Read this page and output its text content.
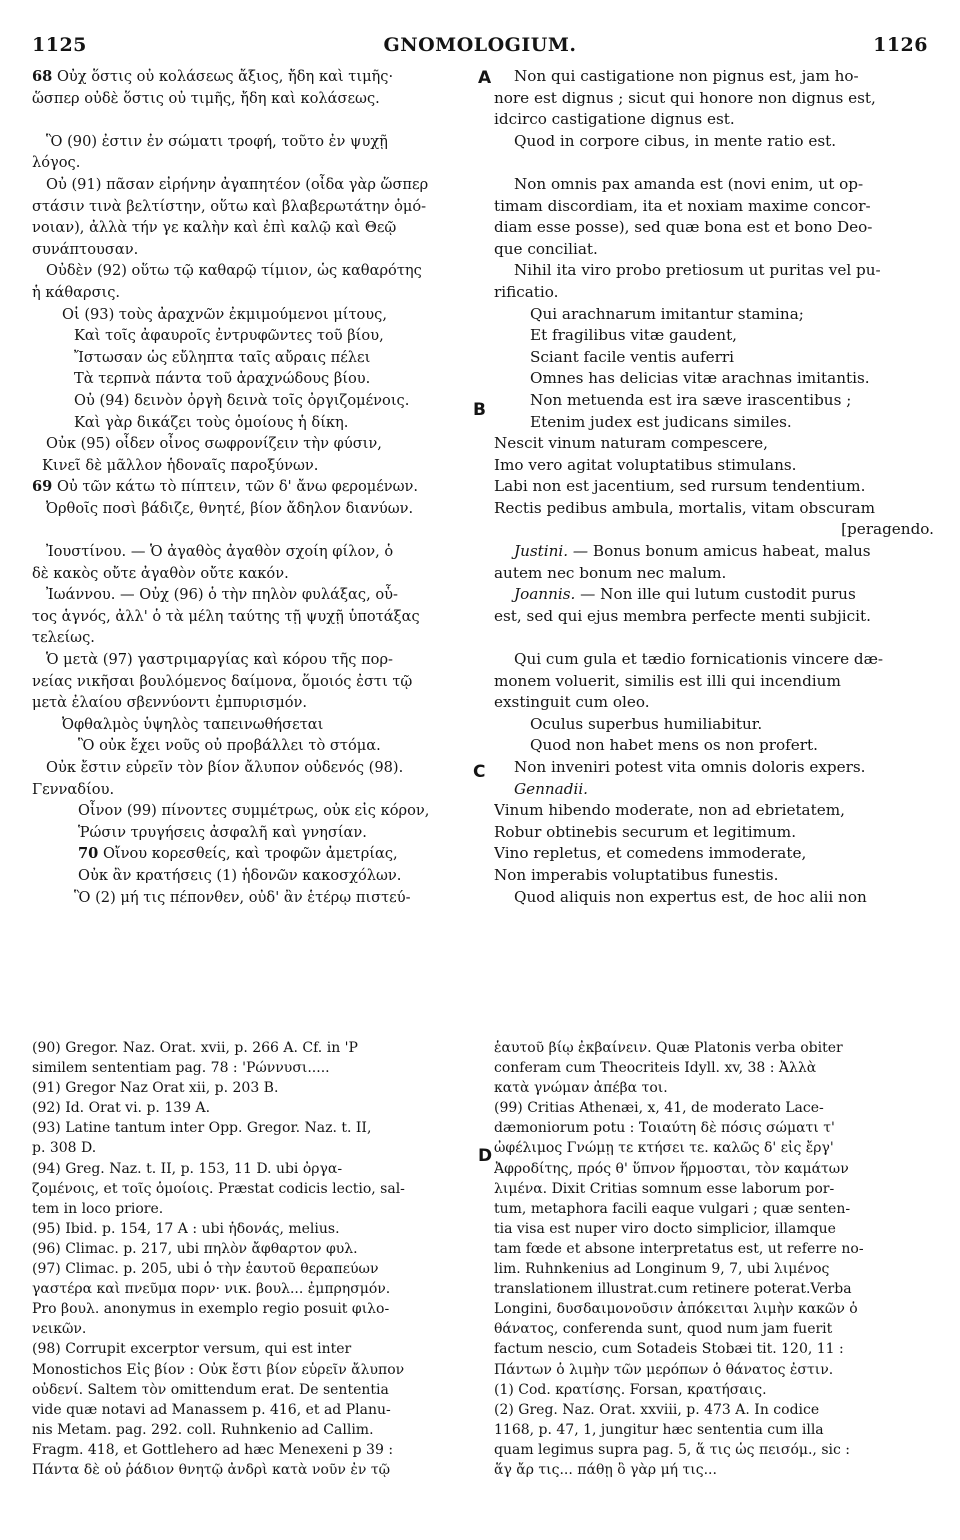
1125	GNOMOLOGIUM.	1126
A
B
C
D
68 Οὐχ ὅστις οὐ κολάσεως ἄξιος, ἤδη καὶ τιμῆς·
ὥσπερ οὐδὲ ὅστις οὐ τιμῆς, ἤδη καὶ κολάσεως.

Ὃ (90) ἐστιν ἐν σώματι τροφή, τοῦτο ἐν ψυχῇ
λόγος.
Οὐ (91) πᾶσαν εἰρήνην ἀγαπητέον (οἶδα γὰρ ὥσπερ
στάσιν τινὰ βελτίστην, οὕτω καὶ βλαβερωτάτην ὁμό-
νοιαν), ἀλλὰ τήν γε καλὴν καὶ ἐπὶ καλῷ καὶ Θεῷ
συνάπτουσαν.
Οὐδὲν (92) οὕτω τῷ καθαρῷ τίμιον, ὡς καθαρότης
ἡ κάθαρσις.
Οἱ (93) τοὺς ἀραχνῶν ἐκμιμούμενοι μίτους,
Καὶ τοῖς ἀφαυροῖς ἐντρυφῶντες τοῦ βίου,
Ἴστωσαν ὡς εὔληπτα ταῖς αὔραις πέλει
Τὰ τερπνὰ πάντα τοῦ ἀραχνώδους βίου.
Οὐ (94) δεινὸν ὀργὴ δεινὰ τοῖς ὀργιζομένοις.
Καὶ γὰρ δικάζει τοὺς ὁμοίους ἡ δίκη.
Οὐκ (95) οἶδεν οἶνος σωφρονίζειν τὴν φύσιν,
Κινεῖ δὲ μᾶλλον ἡδοναῖς παροξύνων.
69 Οὐ τῶν κάτω τὸ πίπτειν, τῶν δ' ἄνω φερομένων.
Ὀρθοῖς ποσὶ βάδιζε, θνητέ, βίον ἄδηλον διανύων.

Ἰουστίνου. — Ὁ ἀγαθὸς ἀγαθὸν σχοίη φίλον, ὁ
δὲ κακὸς οὔτε ἀγαθὸν οὔτε κακόν.
Ἰωάννου. — Οὐχ (96) ὁ τὴν πηλὸν φυλάξας, οὗ-
τος ἁγνός, ἀλλ' ὁ τὰ μέλη ταύτης τῇ ψυχῇ ὑποτάξας
τελείως.
Ὁ μετὰ (97) γαστριμαργίας καὶ κόρου τῆς πορ-
νείας νικῆσαι βουλόμενος δαίμονα, ὅμοιός ἐστι τῷ
μετὰ ἐλαίου σβεννύοντι ἐμπυρισμόν.
Ὀφθαλμὸς ὑψηλὸς ταπεινωθήσεται
Ὃ οὐκ ἔχει νοῦς οὐ προβάλλει τὸ στόμα.
Οὐκ ἔστιν εὑρεῖν τὸν βίον ἄλυπον οὐδενός (98).
Γενναδίου.
Οἶνον (99) πίνοντες συμμέτρως, οὐκ εἰς κόρον,
Ῥώσιν τρυγήσεις ἀσφαλῆ καὶ γνησίαν.
70 Οἴνου κορεσθείς, καὶ τροφῶν ἀμετρίας,
Οὐκ ἂν κρατήσεις (1) ἡδονῶν κακοσχόλων.
Ὃ (2) μή τις πέπονθεν, οὐδ' ἂν ἑτέρῳ πιστεύ-
Non qui castigatione non pignus est, jam ho-
nore est dignus ; sicut qui honore non dignus est,
idcirco castigatione dignus est.
Quod in corpore cibus, in mente ratio est.

Non omnis pax amanda est (novi enim, ut op-
timam discordiam, ita et noxiam maxime concor-
diam esse posse), sed quæ bona est et bono Deo-
que conciliat.
Nihil ita viro probo pretiosum ut puritas vel pu-
rificatio.
Qui arachnarum imitantur stamina;
Et fragilibus vitæ gaudent,
Sciant facile ventis auferri
Omnes has delicias vitæ arachnas imitantis.
Non metuenda est ira sæve irascentibus ;
Etenim judex est judicans similes.
Nescit vinum naturam compescere,
Imo vero agitat voluptatibus stimulans.
Labi non est jacentium, sed rursum tendentium.
Rectis pedibus ambula, mortalis, vitam obscuram
[peragendo.
Justini. — Bonus bonum amicus habeat, malus
autem nec bonum nec malum.
Joannis. — Non ille qui lutum custodit purus
est, sed qui ejus membra perfecte menti subjicit.

Qui cum gula et tædio fornicationis vincere dæ-
monem voluerit, similis est illi qui incendium
exstinguit cum oleo.
Oculus superbus humiliabitur.
Quod non habet mens os non profert.
Non inveniri potest vita omnis doloris expers.
Gennadii.
Vinum hibendo moderate, non ad ebrietatem,
Robur obtinebis securum et legitimum.
Vino repletus, et comedens immoderate,
Non imperabis voluptatibus funestis.
Quod aliquis non expertus est, de hoc alii non
(90) Gregor. Naz. Orat. xvii, p. 266 A. Cf. in 'P
similem sententiam pag. 78 : 'Ρώννυσι.....
(91) Gregor Naz Orat xii, p. 203 B.
(92) Id. Orat vi. p. 139 A.
(93) Latine tantum inter Opp. Gregor. Naz. t. II,
p. 308 D.
(94) Greg. Naz. t. II, p. 153, 11 D. ubi ὀργα-
ζομένοις, et τοῖς ὁμοίοις. Præstat codicis lectio, sal-
tem in loco priore.
(95) Ibid. p. 154, 17 A : ubi ἡδονάς, melius.
(96) Climac. p. 217, ubi πηλὸν ἄφθαρτον φυλ.
(97) Climac. p. 205, ubi ὁ τὴν ἑαυτοῦ θεραπεύων
γαστέρα καὶ πνεῦμα πορν· νικ. βουλ... ἐμπρησμόν.
Pro βουλ. anonymus in exemplo regio posuit φιλο-
νεικῶν.
(98) Corrupit excerptor versum, qui est inter
Monostichos Εἰς βίον : Οὐκ ἔστι βίον εὑρεῖν ἄλυπον
οὐδενί. Saltem τὸν omittendum erat. De sententia
vide quæ notavi ad Manassem p. 416, et ad Planu-
nis Metam. pag. 292. coll. Ruhnkenio ad Callim.
Fragm. 418, et Gottlehero ad hæc Menexeni p 39 :
Πάντα δὲ οὐ ῥάδιον θνητῷ ἀνδρὶ κατὰ νοῦν ἐν τῷ
ἑαυτοῦ βίῳ ἐκβαίνειν. Quæ Platonis verba obiter
conferam cum Theocriteis Idyll. xv, 38 : Ἀλλὰ
κατὰ γνώμαν ἀπέβα τοι.
(99) Critias Athenæi, x, 41, de moderato Lace-
dæmoniorum potu : Τοιαύτη δὲ πόσις σώματι τ'
ὠφέλιμος Γνώμῃ τε κτήσει τε. καλῶς δ' εἰς ἔργ'
Ἀφροδίτης, πρός θ' ὕπνον ἥρμοσται, τὸν καμάτων
λιμένα. Dixit Critias somnum esse laborum por-
tum, metaphora facili eaque vulgari ; quæ senten-
tia visa est nuper viro docto simplicior, illamque
tam fœde et absone interpretatus est, ut referre no-
lim. Ruhnkenius ad Longinum 9, 7, ubi λιμένος
translationem illustrat.cum retinere poterat.Verba
Longini, δυσδαιμονοῦσιν ἀπόκειται λιμὴν κακῶν ὁ
θάνατος, conferenda sunt, quod num jam fuerit
factum nescio, cum Sotadeis Stobæi tit. 120, 11 :
Πάντων ὁ λιμὴν τῶν μερόπων ὁ θάνατος ἐστιν.
(1) Cod. κρατίσης. Forsan, κρατήσαις.
(2) Greg. Naz. Orat. xxviii, p. 473 A. In codice
1168, p. 47, 1, jungitur hæc sententia cum illa
quam legimus supra pag. 5, ἅ τις ὡς πεισόμ., sic :
ἅγ ἄρ τις... πάθῃ ὃ γὰρ μή τις...
